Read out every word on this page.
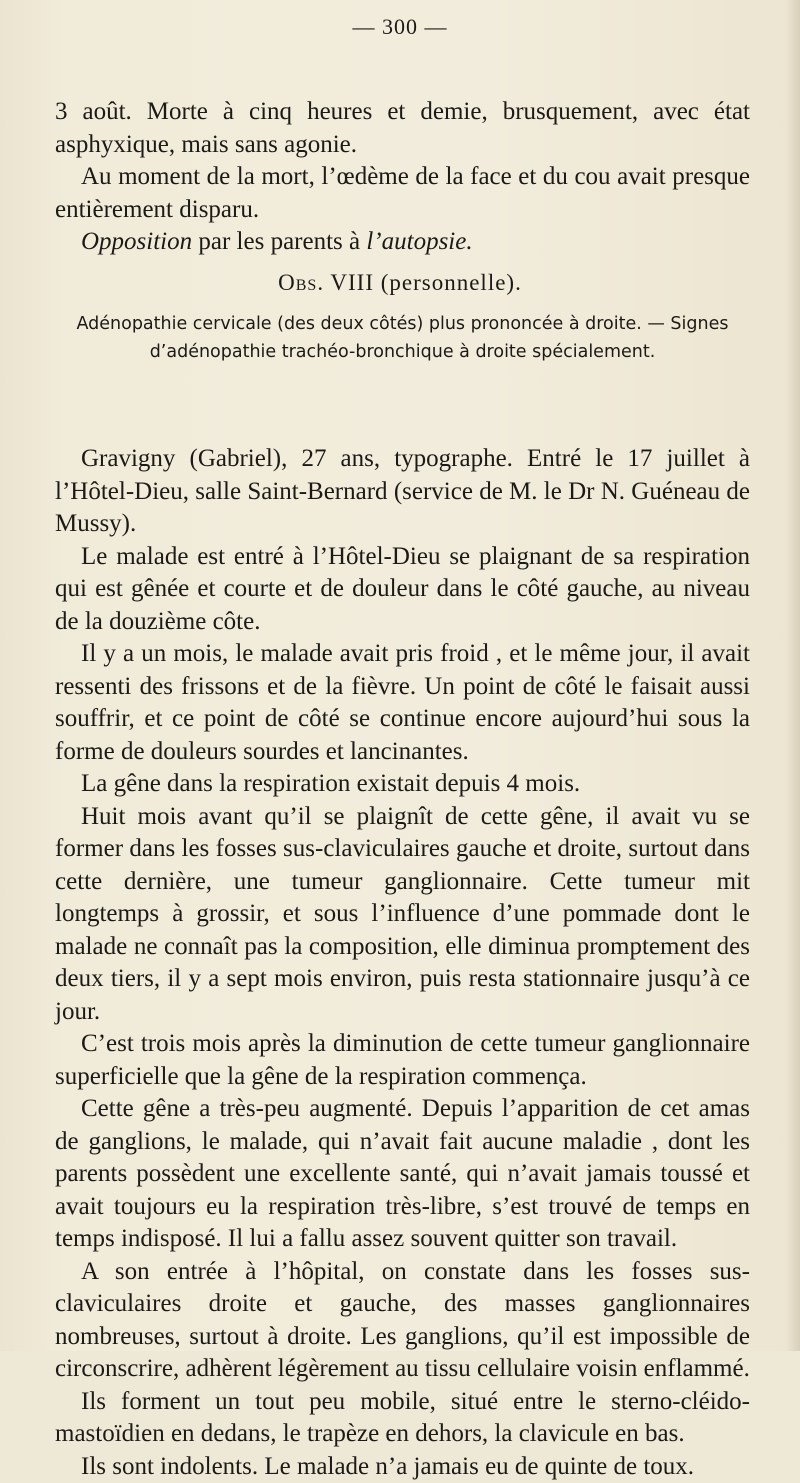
— 300 —

3 août. Morte à cinq heures et demie, brusquement, avec état asphyxique, mais sans agonie.

Au moment de la mort, l’œdème de la face et du cou avait presque entièrement disparu.

Opposition par les parents à l’autopsie.

Obs. VIII (personnelle).
Adénopathie cervicale (des deux côtés) plus prononcée à droite. — Signes d’adénopathie trachéo-bronchique à droite spécialement.

Gravigny (Gabriel), 27 ans, typographe. Entré le 17 juillet à l’Hôtel-Dieu, salle Saint-Bernard (service de M. le Dr N. Guéneau de Mussy).

Le malade est entré à l’Hôtel-Dieu se plaignant de sa respiration qui est gênée et courte et de douleur dans le côté gauche, au niveau de la douzième côte.

Il y a un mois, le malade avait pris froid , et le même jour, il avait ressenti des frissons et de la fièvre. Un point de côté le faisait aussi souffrir, et ce point de côté se continue encore aujourd’hui sous la forme de douleurs sourdes et lancinantes.

La gêne dans la respiration existait depuis 4 mois.

Huit mois avant qu’il se plaignît de cette gêne, il avait vu se former dans les fosses sus-claviculaires gauche et droite, surtout dans cette dernière, une tumeur ganglionnaire. Cette tumeur mit longtemps à grossir, et sous l’influence d’une pommade dont le malade ne connaît pas la composition, elle diminua promptement des deux tiers, il y a sept mois environ, puis resta stationnaire jusqu’à ce jour.

C’est trois mois après la diminution de cette tumeur ganglionnaire superficielle que la gêne de la respiration commença.

Cette gêne a très-peu augmenté. Depuis l’apparition de cet amas de ganglions, le malade, qui n’avait fait aucune maladie , dont les parents possèdent une excellente santé, qui n’avait jamais toussé et avait toujours eu la respiration très-libre, s’est trouvé de temps en temps indisposé. Il lui a fallu assez souvent quitter son travail.

A son entrée à l’hôpital, on constate dans les fosses sus-claviculaires droite et gauche, des masses ganglionnaires nombreuses, surtout à droite. Les ganglions, qu’il est impossible de circonscrire, adhèrent légèrement au tissu cellulaire voisin enflammé.

Ils forment un tout peu mobile, situé entre le sterno-cléido-mastoïdien en dedans, le trapèze en dehors, la clavicule en bas.

Ils sont indolents. Le malade n’a jamais eu de quinte de toux.
